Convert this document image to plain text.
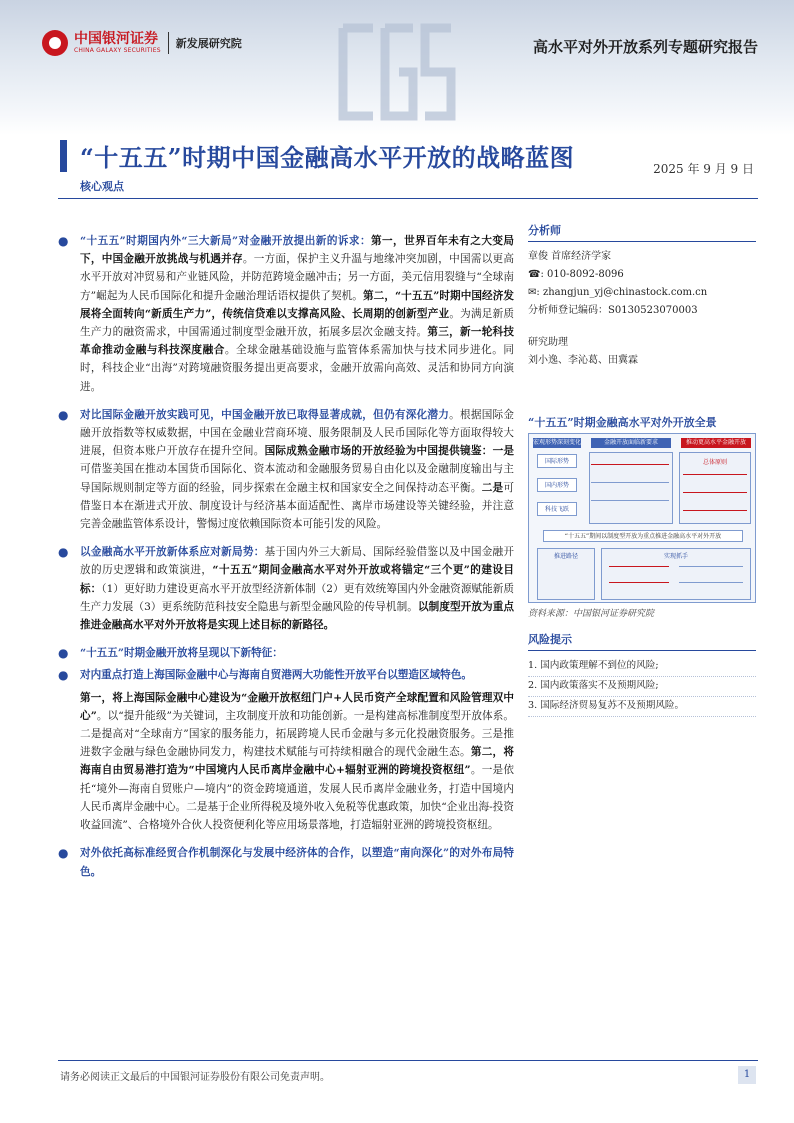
中国银河证券
CHINA GALAXY SECURITIES
新发展研究院	高水平对外开放系列专题研究报告
“十五五”时期中国金融高水平开放的战略蓝图	2025 年 9 月 9 日
核心观点
● “十五五”时期国内外“三大新局”对金融开放提出新的诉求：第一，世界百年未有之大变局下，中国金融开放挑战与机遇并存。一方面，保护主义升温与地缘冲突加剧，中国需以更高水平开放对冲贸易和产业链风险，并防范跨境金融冲击；另一方面，美元信用裂缝与“全球南方”崛起为人民币国际化和提升金融治理话语权提供了契机。第二，“十五五”时期中国经济发展将全面转向“新质生产力”，传统信贷难以支撑高风险、长周期的创新型产业。为满足新质生产力的融资需求，中国需通过制度型金融开放，拓展多层次金融支持。第三，新一轮科技革命推动金融与科技深度融合。全球金融基础设施与监管体系需加快与技术同步进化。同时，科技企业“出海”对跨境融资服务提出更高要求，金融开放需向高效、灵活和协同方向演进。
● 对比国际金融开放实践可见，中国金融开放已取得显著成就，但仍有深化潜力。根据国际金融开放指数等权威数据，中国在金融业营商环境、服务限制及人民币国际化等方面取得较大进展，但资本账户开放存在提升空间。国际成熟金融市场的开放经验为中国提供镜鉴：一是可借鉴美国在推动本国货币国际化、资本流动和金融服务贸易自由化以及金融制度输出与主导国际规则制定等方面的经验，同步探索在金融主权和国家安全之间保持动态平衡。二是可借鉴日本在渐进式开放、制度设计与经济基本面适配性、离岸市场建设等关键经验，并注意完善金融监管体系设计，警惕过度依赖国际资本可能引发的风险。
● 以金融高水平开放新体系应对新局势：基于国内外三大新局、国际经验借鉴以及中国金融开放的历史逻辑和政策演进，“十五五”期间金融高水平对外开放或将锚定“三个更”的建设目标：（1）更好助力建设更高水平开放型经济新体制（2）更有效统筹国内外金融资源赋能新质生产力发展（3）更系统防范科技安全隐患与新型金融风险的传导机制。以制度型开放为重点推进金融高水平对外开放将是实现上述目标的新路径。
● “十五五”时期金融开放将呈现以下新特征：
● 对内重点打造上海国际金融中心与海南自贸港两大功能性开放平台以塑造区域特色。
第一，将上海国际金融中心建设为“金融开放枢纽门户+人民币资产全球配置和风险管理双中心”。以“提升能级”为关键词，主攻制度开放和功能创新。一是构建高标准制度型开放体系。二是提高对“全球南方”国家的服务能力，拓展跨境人民币金融与多元化投融资服务。三是推进数字金融与绿色金融协同发力，构建技术赋能与可持续相融合的现代金融生态。第二，将海南自由贸易港打造为“中国境内人民币离岸金融中心+辐射亚洲的跨境投资枢纽”。一是依托“境外—海南自贸账户—境内”的资金跨境通道，发展人民币离岸金融业务，打造中国境内人民币离岸金融中心。二是基于企业所得税及境外收入免税等优惠政策，加快“企业出海-投资收益回流”、合格境外合伙人投资便利化等应用场景落地，打造辐射亚洲的跨境投资枢纽。
● 对外依托高标准经贸合作机制深化与发展中经济体的合作，以塑造“南向深化”的对外布局特色。
分析师
章俊 首席经济学家
☎: 010-8092-8096
✉: zhangjun_yj@chinastock.com.cn
分析师登记编码：S0130523070003
研究助理
刘小逸、李沁葛、田冀霖
“十五五”时期金融高水平对外开放全景
宏观形势深刻变化	金融开放面临新要求	推动更高水平金融开放
国际形势
国内形势
科技飞跃
总体原则
“十五五”期间以制度型开放为重点推进金融高水平对外开放
推进路径	实现抓手
资料来源：中国银河证券研究院
风险提示
1. 国内政策理解不到位的风险;
2. 国内政策落实不及预期风险;
3. 国际经济贸易复苏不及预期风险。
请务必阅读正文最后的中国银河证券股份有限公司免责声明。	1
